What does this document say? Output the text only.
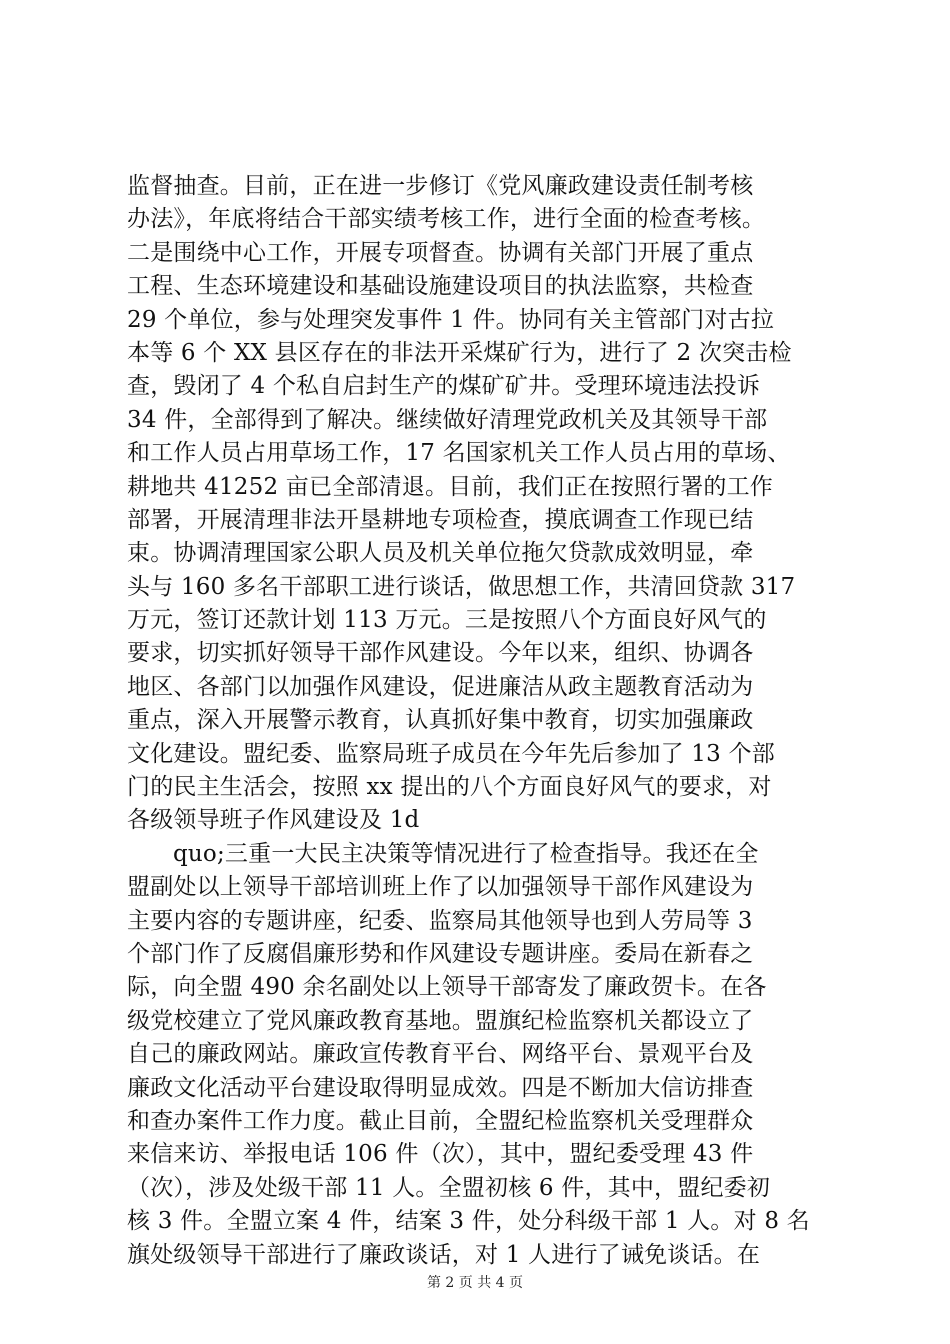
监督抽查。目前，正在进一步修订《党风廉政建设责任制考核
办法》，年底将结合干部实绩考核工作，进行全面的检查考核。
二是围绕中心工作，开展专项督查。协调有关部门开展了重点
工程、生态环境建设和基础设施建设项目的执法监察，共检查
29 个单位，参与处理突发事件 1 件。协同有关主管部门对古拉
本等 6 个 XX 县区存在的非法开采煤矿行为，进行了 2 次突击检
查，毁闭了 4 个私自启封生产的煤矿矿井。受理环境违法投诉
34 件，全部得到了解决。继续做好清理党政机关及其领导干部
和工作人员占用草场工作，17 名国家机关工作人员占用的草场、
耕地共 41252 亩已全部清退。目前，我们正在按照行署的工作
部署，开展清理非法开垦耕地专项检查，摸底调查工作现已结
束。协调清理国家公职人员及机关单位拖欠贷款成效明显，牵
头与 160 多名干部职工进行谈话，做思想工作，共清回贷款 317
万元，签订还款计划 113 万元。三是按照八个方面良好风气的
要求，切实抓好领导干部作风建设。今年以来，组织、协调各
地区、各部门以加强作风建设，促进廉洁从政主题教育活动为
重点，深入开展警示教育，认真抓好集中教育，切实加强廉政
文化建设。盟纪委、监察局班子成员在今年先后参加了 13 个部
门的民主生活会，按照 xx 提出的八个方面良好风气的要求，对
各级领导班子作风建设及 1d
quo;三重一大民主决策等情况进行了检查指导。我还在全
盟副处以上领导干部培训班上作了以加强领导干部作风建设为
主要内容的专题讲座，纪委、监察局其他领导也到人劳局等 3
个部门作了反腐倡廉形势和作风建设专题讲座。委局在新春之
际，向全盟 490 余名副处以上领导干部寄发了廉政贺卡。在各
级党校建立了党风廉政教育基地。盟旗纪检监察机关都设立了
自己的廉政网站。廉政宣传教育平台、网络平台、景观平台及
廉政文化活动平台建设取得明显成效。四是不断加大信访排查
和查办案件工作力度。截止目前，全盟纪检监察机关受理群众
来信来访、举报电话 106 件（次），其中，盟纪委受理 43 件
（次），涉及处级干部 11 人。全盟初核 6 件，其中，盟纪委初
核 3 件。全盟立案 4 件，结案 3 件，处分科级干部 1 人。对 8 名
旗处级领导干部进行了廉政谈话，对 1 人进行了诫免谈话。在
第 2 页 共 4 页
